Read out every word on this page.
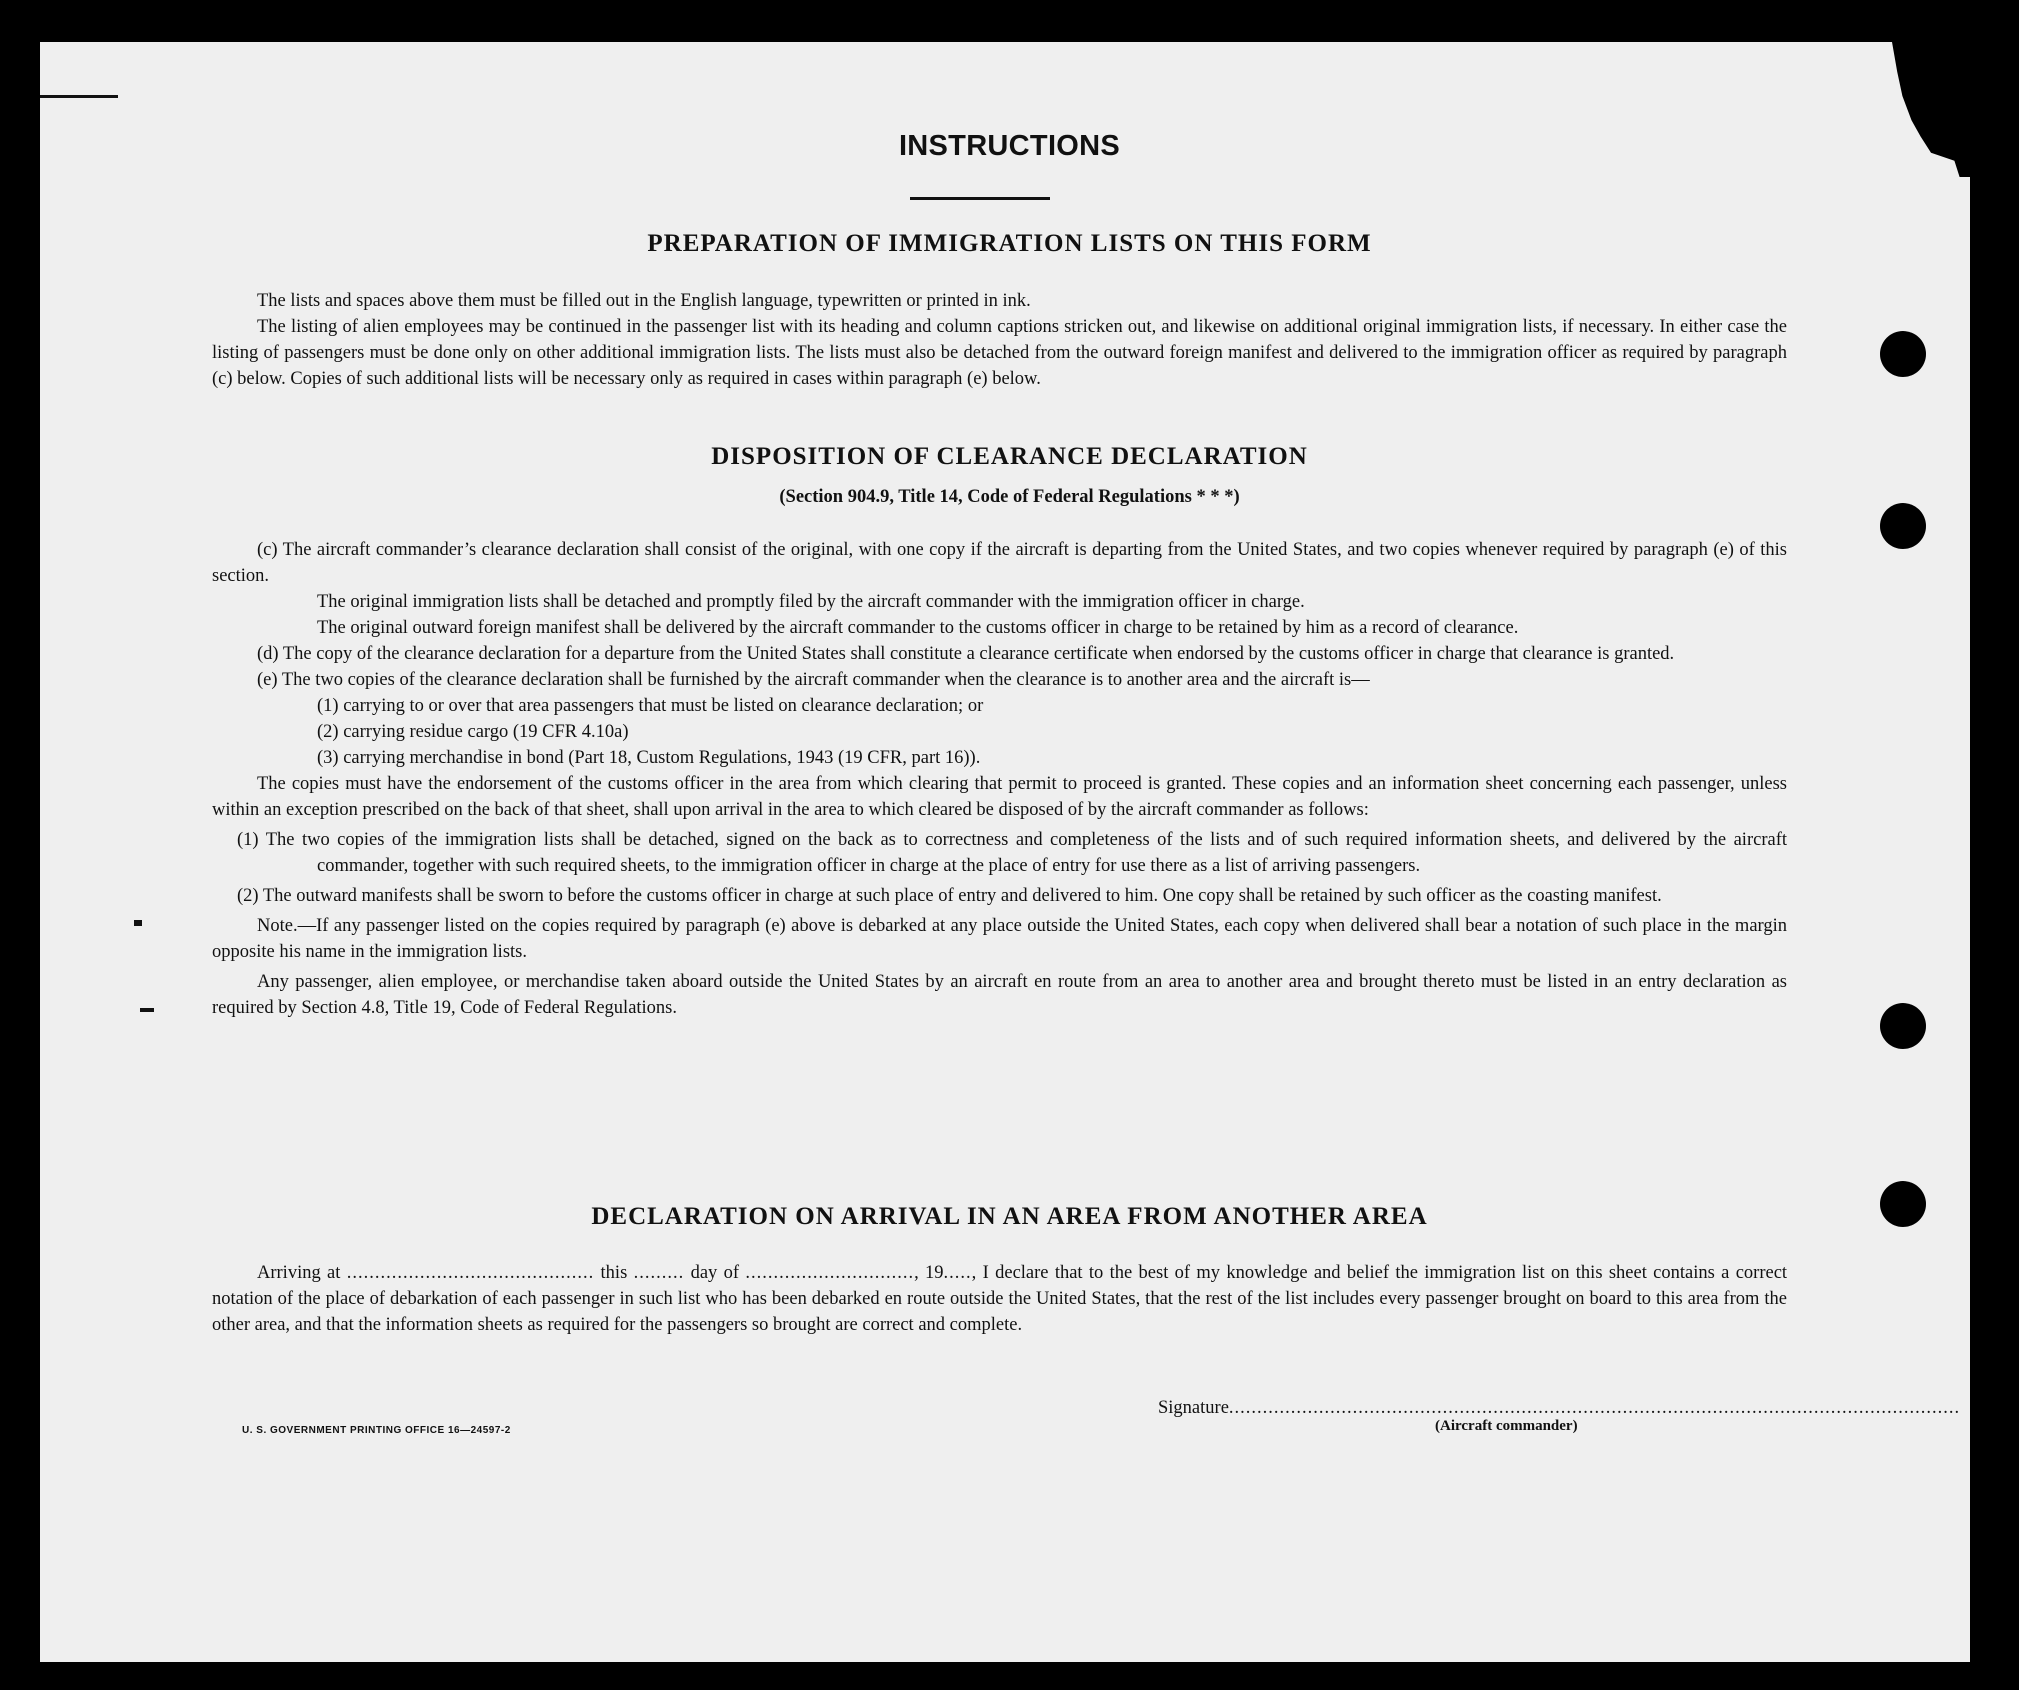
INSTRUCTIONS
PREPARATION OF IMMIGRATION LISTS ON THIS FORM

The lists and spaces above them must be filled out in the English language, typewritten or printed in ink.

The listing of alien employees may be continued in the passenger list with its heading and column captions stricken out, and likewise on additional original immigration lists, if necessary. In either case the listing of passengers must be done only on other additional immigration lists. The lists must also be detached from the outward foreign manifest and delivered to the immigration officer as required by paragraph (c) below. Copies of such additional lists will be necessary only as required in cases within paragraph (e) below.

DISPOSITION OF CLEARANCE DECLARATION
(Section 904.9, Title 14, Code of Federal Regulations * * *)

(c) The aircraft commander’s clearance declaration shall consist of the original, with one copy if the aircraft is departing from the United States, and two copies whenever required by paragraph (e) of this section.

The original immigration lists shall be detached and promptly filed by the aircraft commander with the immigration officer in charge.

The original outward foreign manifest shall be delivered by the aircraft commander to the customs officer in charge to be retained by him as a record of clearance.

(d) The copy of the clearance declaration for a departure from the United States shall constitute a clearance certificate when endorsed by the customs officer in charge that clearance is granted.

(e) The two copies of the clearance declaration shall be furnished by the aircraft commander when the clearance is to another area and the aircraft is—

(1) carrying to or over that area passengers that must be listed on clearance declaration; or

(2) carrying residue cargo (19 CFR 4.10a)

(3) carrying merchandise in bond (Part 18, Custom Regulations, 1943 (19 CFR, part 16)).

The copies must have the endorsement of the customs officer in the area from which clearing that permit to proceed is granted. These copies and an information sheet concerning each passenger, unless within an exception prescribed on the back of that sheet, shall upon arrival in the area to which cleared be disposed of by the aircraft commander as follows:

(1) The two copies of the immigration lists shall be detached, signed on the back as to correctness and completeness of the lists and of such required information sheets, and delivered by the aircraft commander, together with such required sheets, to the immigration officer in charge at the place of entry for use there as a list of arriving passengers.

(2) The outward manifests shall be sworn to before the customs officer in charge at such place of entry and delivered to him. One copy shall be retained by such officer as the coasting manifest.

Note.—If any passenger listed on the copies required by paragraph (e) above is debarked at any place outside the United States, each copy when delivered shall bear a notation of such place in the margin opposite his name in the immigration lists.

Any passenger, alien employee, or merchandise taken aboard outside the United States by an aircraft en route from an area to another area and brought thereto must be listed in an entry declaration as required by Section 4.8, Title 19, Code of Federal Regulations.

DECLARATION ON ARRIVAL IN AN AREA FROM ANOTHER AREA

Arriving at ............................................ this ......... day of .............................., 19....., I declare that to the best of my knowledge and belief the immigration list on this sheet contains a correct notation of the place of debarkation of each passenger in such list who has been debarked en route outside the United States, that the rest of the list includes every passenger brought on board to this area from the other area, and that the information sheets as required for the passengers so brought are correct and complete.

U. S. GOVERNMENT PRINTING OFFICE 16—24597-2
Signature..................................................................................................................................
(Aircraft commander)
